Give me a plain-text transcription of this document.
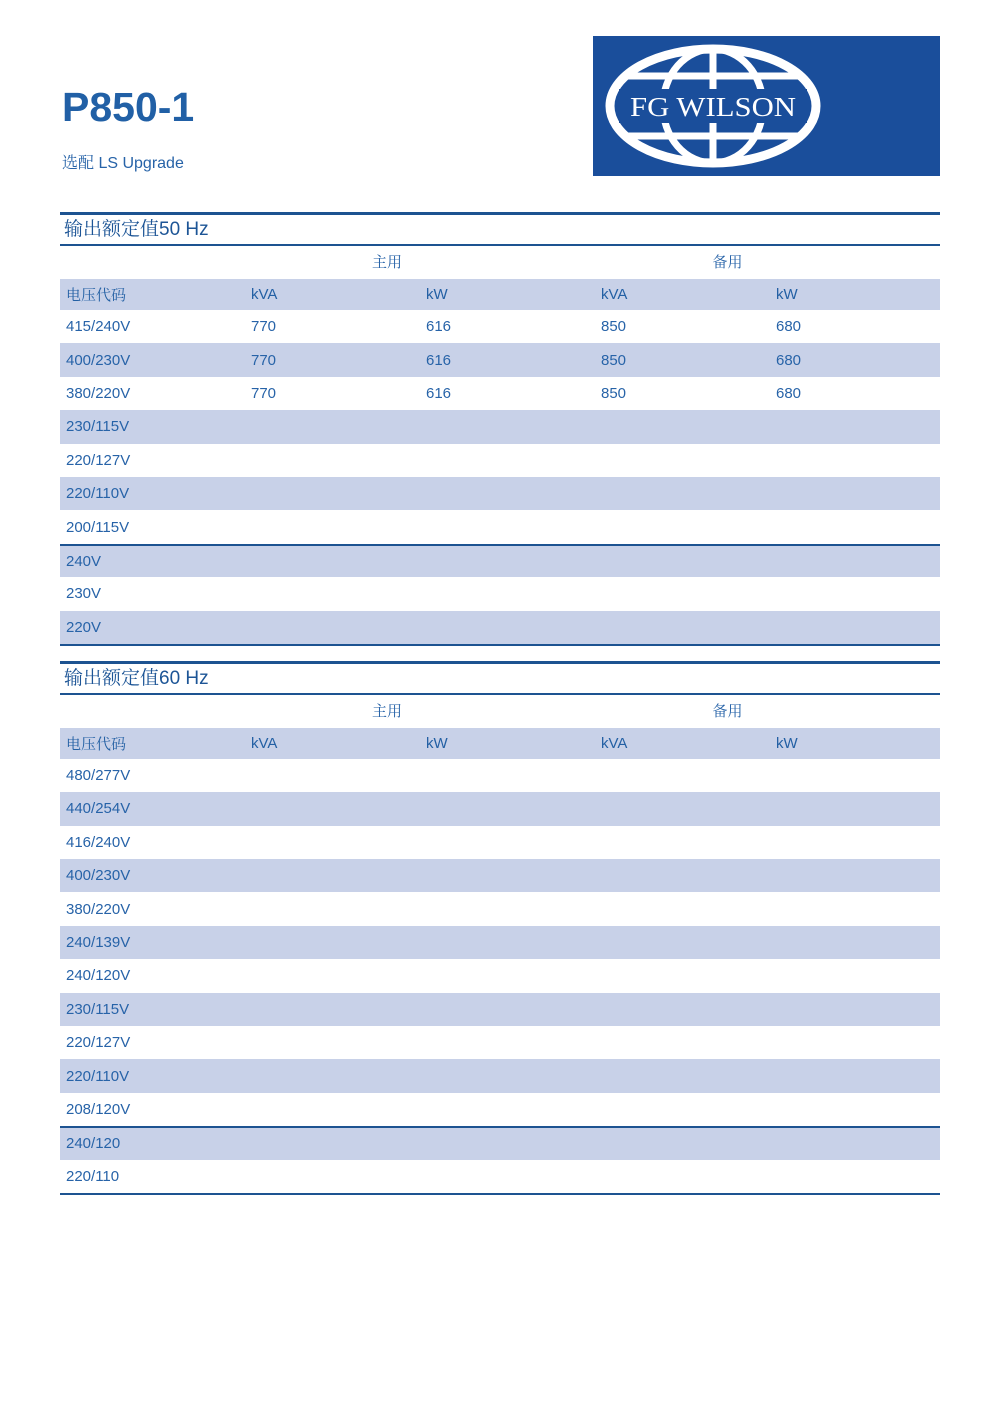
P850-1
选配 LS Upgrade
FG WILSON
输出额定值50 Hz
主用	备用
电压代码	kVA	kW	kVA	kW
415/240V	770	616	850	680
400/230V	770	616	850	680
380/220V	770	616	850	680
230/115V
220/127V
220/110V
200/115V
240V
230V
220V
输出额定值60 Hz
主用	备用
电压代码	kVA	kW	kVA	kW
480/277V
440/254V
416/240V
400/230V
380/220V
240/139V
240/120V
230/115V
220/127V
220/110V
208/120V
240/120
220/110
